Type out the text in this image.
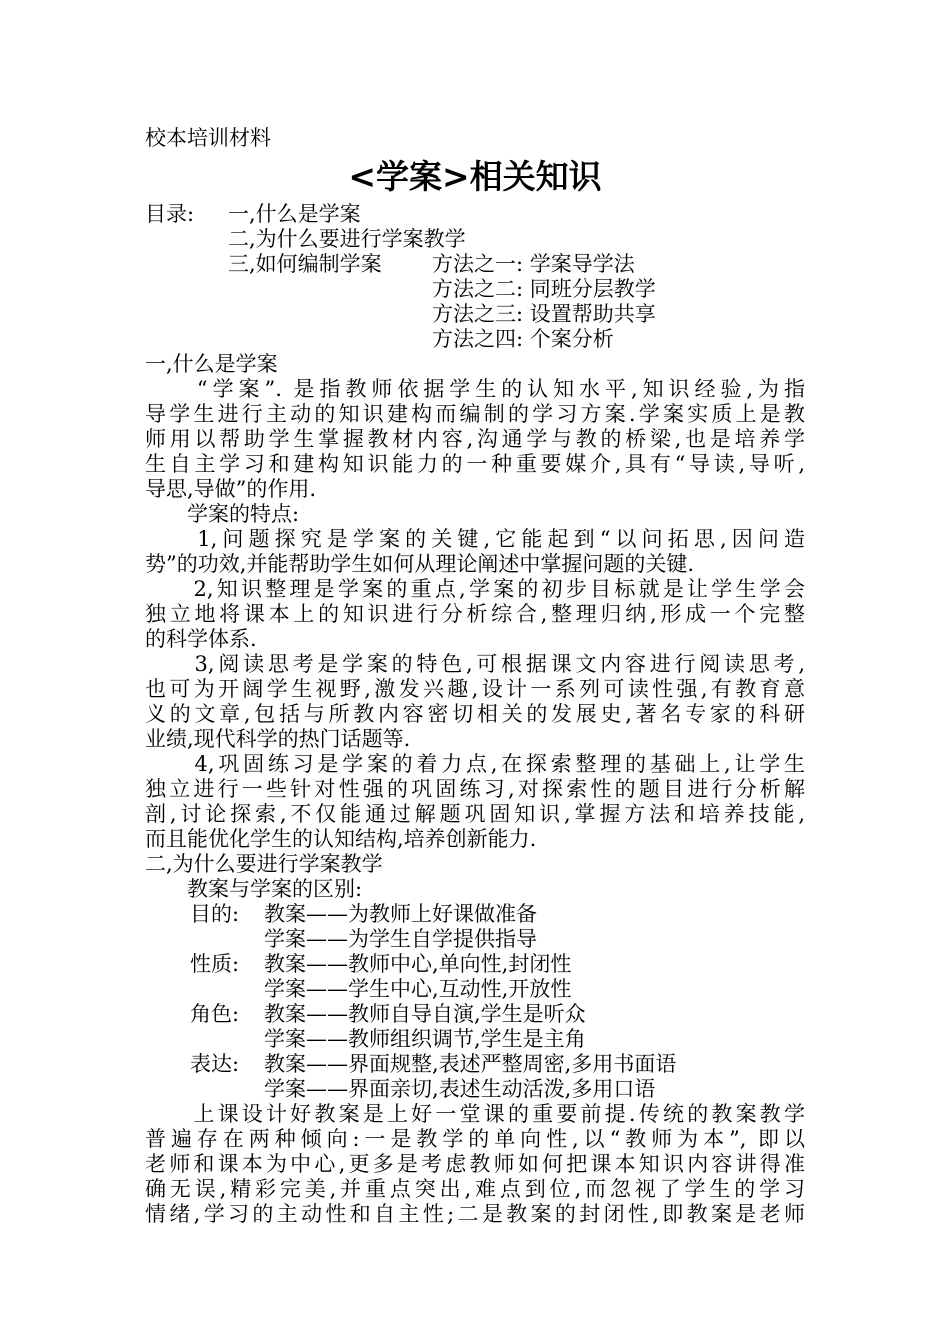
校本培训材料
<学案>相关知识
目录: 一,什么是学案
二,为什么要进行学案教学
三,如何编制学案 方法之一: 学案导学法
方法之二: 同班分层教学
方法之三: 设置帮助共享
方法之四: 个案分析
一,什么是学案
　　“学案”. 是指教师依据学生的认知水平,知识经验,为指
导学生进行主动的知识建构而编制的学习方案.学案实质上是教
师用以帮助学生掌握教材内容,沟通学与教的桥梁,也是培养学
生自主学习和建构知识能力的一种重要媒介,具有“导读,导听,
导思,导做”的作用.
　　学案的特点:
　　1,问题探究是学案的关键,它能起到“以问拓思,因问造
势”的功效,并能帮助学生如何从理论阐述中掌握问题的关键.
　　2,知识整理是学案的重点,学案的初步目标就是让学生学会
独立地将课本上的知识进行分析综合,整理归纳,形成一个完整
的科学体系.
　　3,阅读思考是学案的特色,可根据课文内容进行阅读思考,
也可为开阔学生视野,激发兴趣,设计一系列可读性强,有教育意
义的文章,包括与所教内容密切相关的发展史,著名专家的科研
业绩,现代科学的热门话题等.
　　4,巩固练习是学案的着力点,在探索整理的基础上,让学生
独立进行一些针对性强的巩固练习,对探索性的题目进行分析解
剖,讨论探索,不仅能通过解题巩固知识,掌握方法和培养技能,
而且能优化学生的认知结构,培养创新能力.
二,为什么要进行学案教学
　　教案与学案的区别:
目的: 教案——为教师上好课做准备
学案——为学生自学提供指导
性质: 教案——教师中心,单向性,封闭性
学案——学生中心,互动性,开放性
角色: 教案——教师自导自演,学生是听众
学案——教师组织调节,学生是主角
表达: 教案——界面规整,表述严整周密,多用书面语
学案——界面亲切,表述生动活泼,多用口语
　　上课设计好教案是上好一堂课的重要前提.传统的教案教学
普遍存在两种倾向:一是教学的单向性,以“教师为本”, 即以
老师和课本为中心,更多是考虑教师如何把课本知识内容讲得准
确无误,精彩完美,并重点突出,难点到位,而忽视了学生的学习
情绪,学习的主动性和自主性;二是教案的封闭性,即教案是老师
